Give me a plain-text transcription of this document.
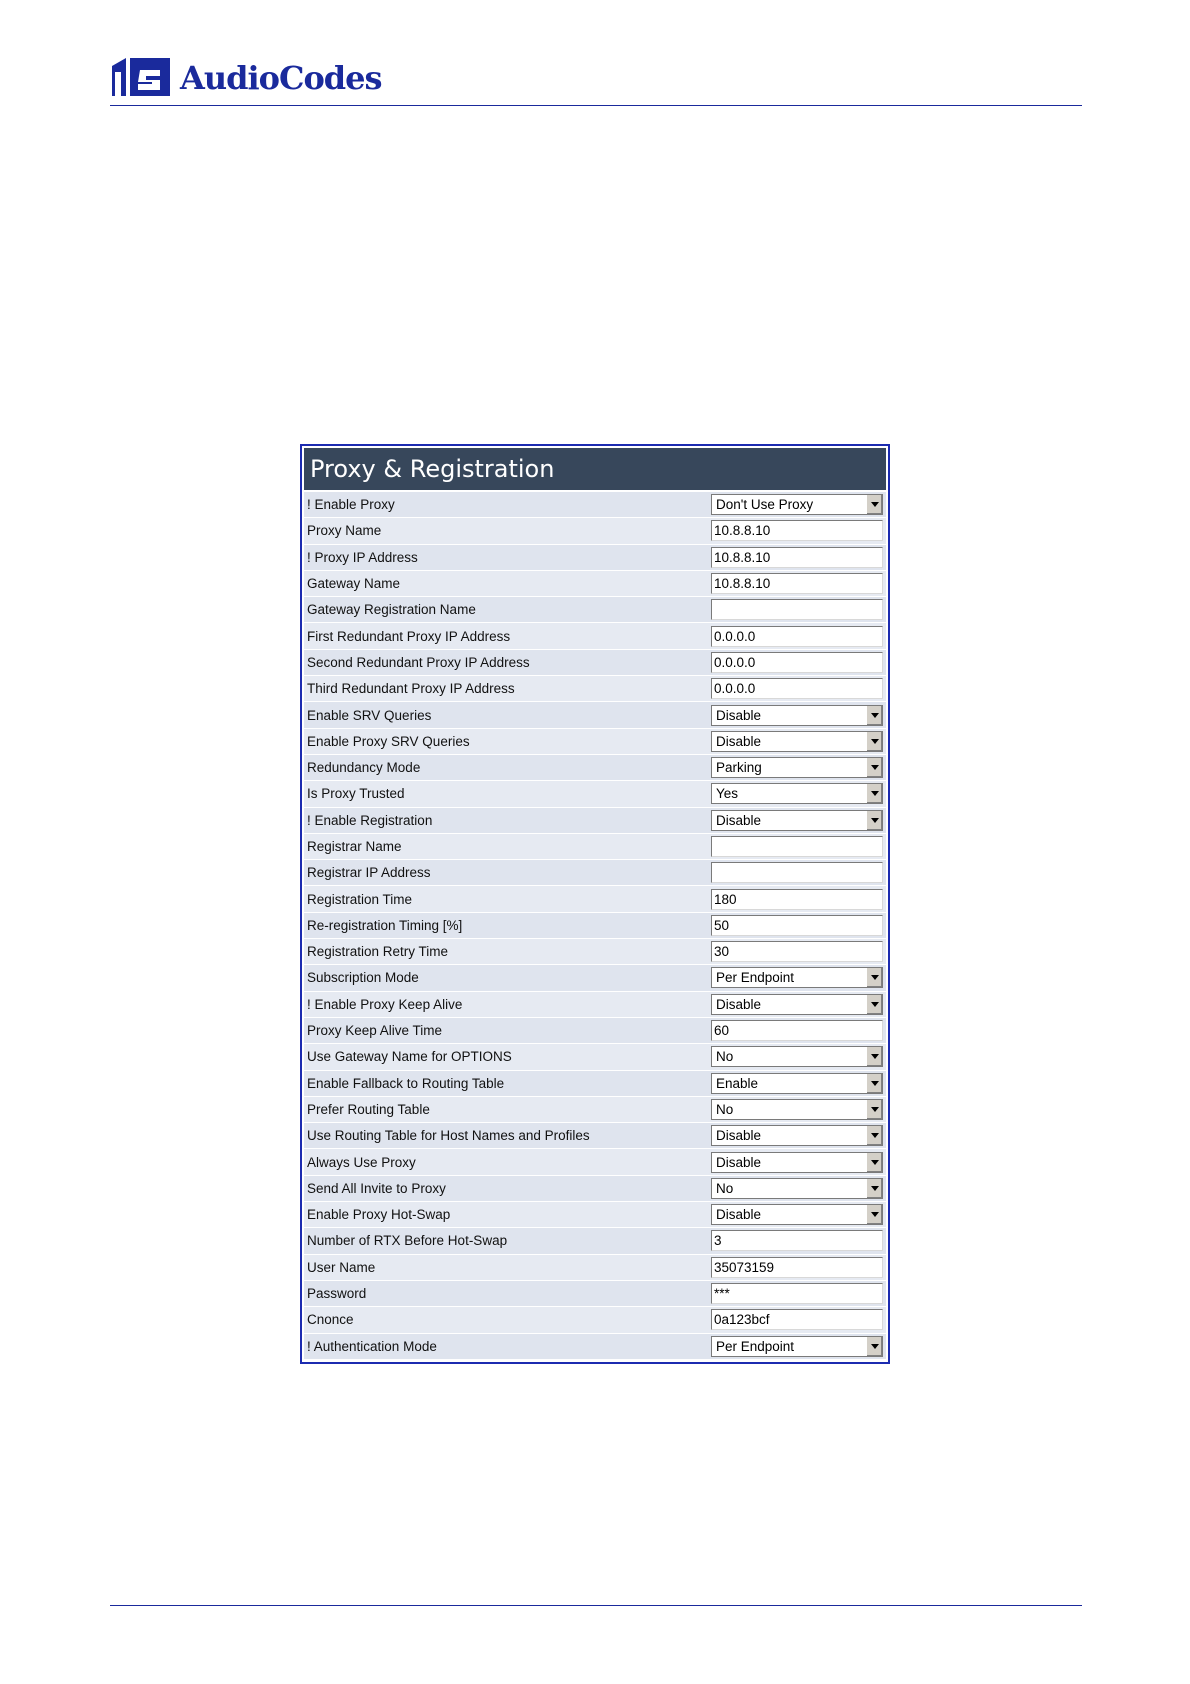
AudioCodes
Proxy & Registration
! Enable Proxy	Don't Use Proxy
Proxy Name	10.8.8.10
! Proxy IP Address	10.8.8.10
Gateway Name	10.8.8.10
Gateway Registration Name
First Redundant Proxy IP Address	0.0.0.0
Second Redundant Proxy IP Address	0.0.0.0
Third Redundant Proxy IP Address	0.0.0.0
Enable SRV Queries	Disable
Enable Proxy SRV Queries	Disable
Redundancy Mode	Parking
Is Proxy Trusted	Yes
! Enable Registration	Disable
Registrar Name
Registrar IP Address
Registration Time	180
Re-registration Timing [%]	50
Registration Retry Time	30
Subscription Mode	Per Endpoint
! Enable Proxy Keep Alive	Disable
Proxy Keep Alive Time	60
Use Gateway Name for OPTIONS	No
Enable Fallback to Routing Table	Enable
Prefer Routing Table	No
Use Routing Table for Host Names and Profiles	Disable
Always Use Proxy	Disable
Send All Invite to Proxy	No
Enable Proxy Hot-Swap	Disable
Number of RTX Before Hot-Swap	3
User Name	35073159
Password	***
Cnonce	0a123bcf
! Authentication Mode	Per Endpoint
